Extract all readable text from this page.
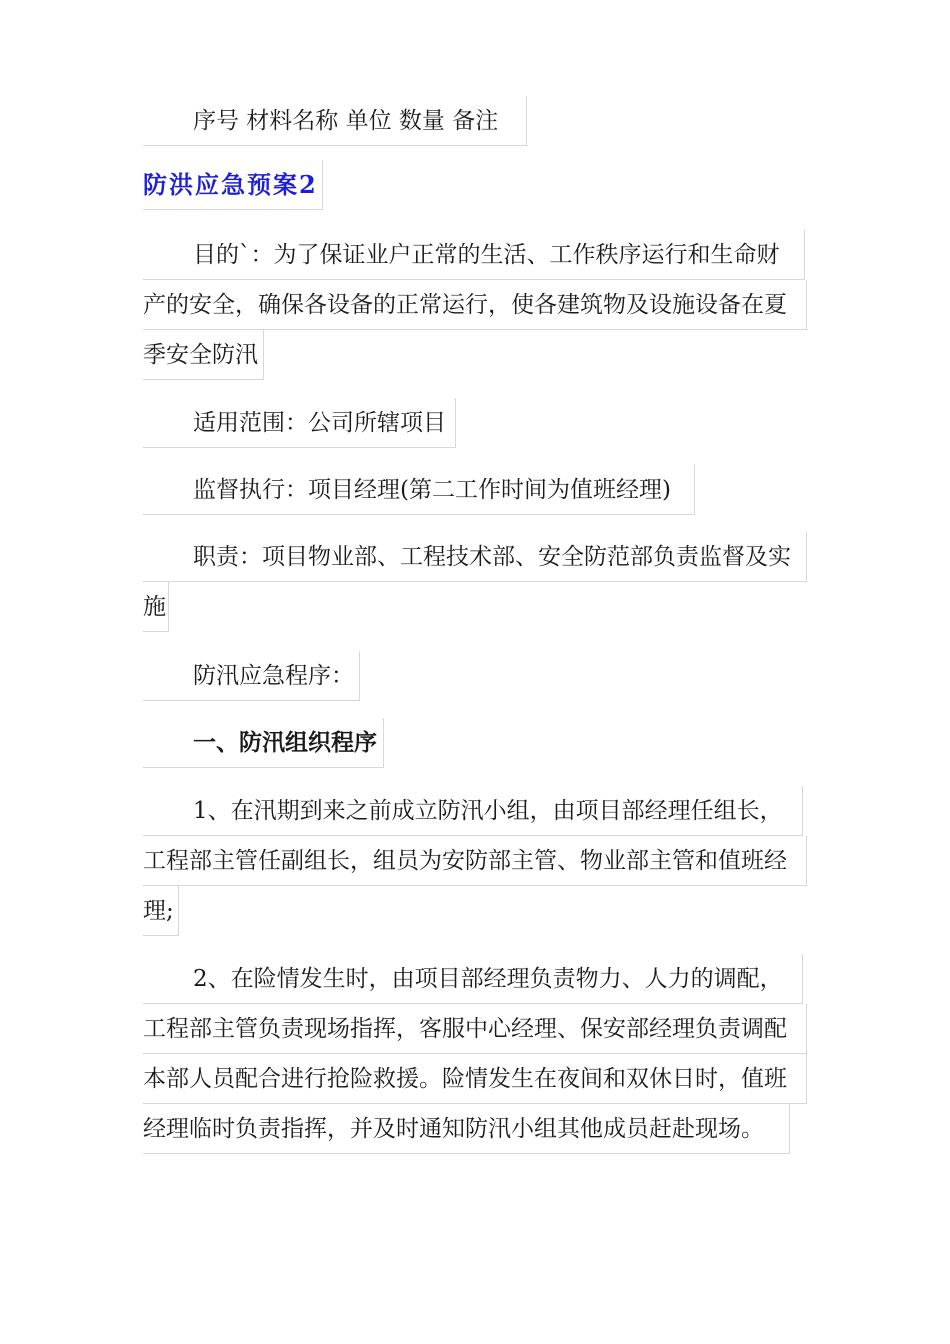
序号 材料名称 单位 数量 备注
防洪应急预案2
目的`：为了保证业户正常的生活、工作秩序运行和生命财
产的安全，确保各设备的正常运行，使各建筑物及设施设备在夏
季安全防汛
适用范围：公司所辖项目
监督执行：项目经理(第二工作时间为值班经理)
职责：项目物业部、工程技术部、安全防范部负责监督及实
施
防汛应急程序：
一、防汛组织程序
1、在汛期到来之前成立防汛小组，由项目部经理任组长，
工程部主管任副组长，组员为安防部主管、物业部主管和值班经
理;
2、在险情发生时，由项目部经理负责物力、人力的调配，
工程部主管负责现场指挥，客服中心经理、保安部经理负责调配
本部人员配合进行抢险救援。险情发生在夜间和双休日时，值班
经理临时负责指挥，并及时通知防汛小组其他成员赶赴现场。
